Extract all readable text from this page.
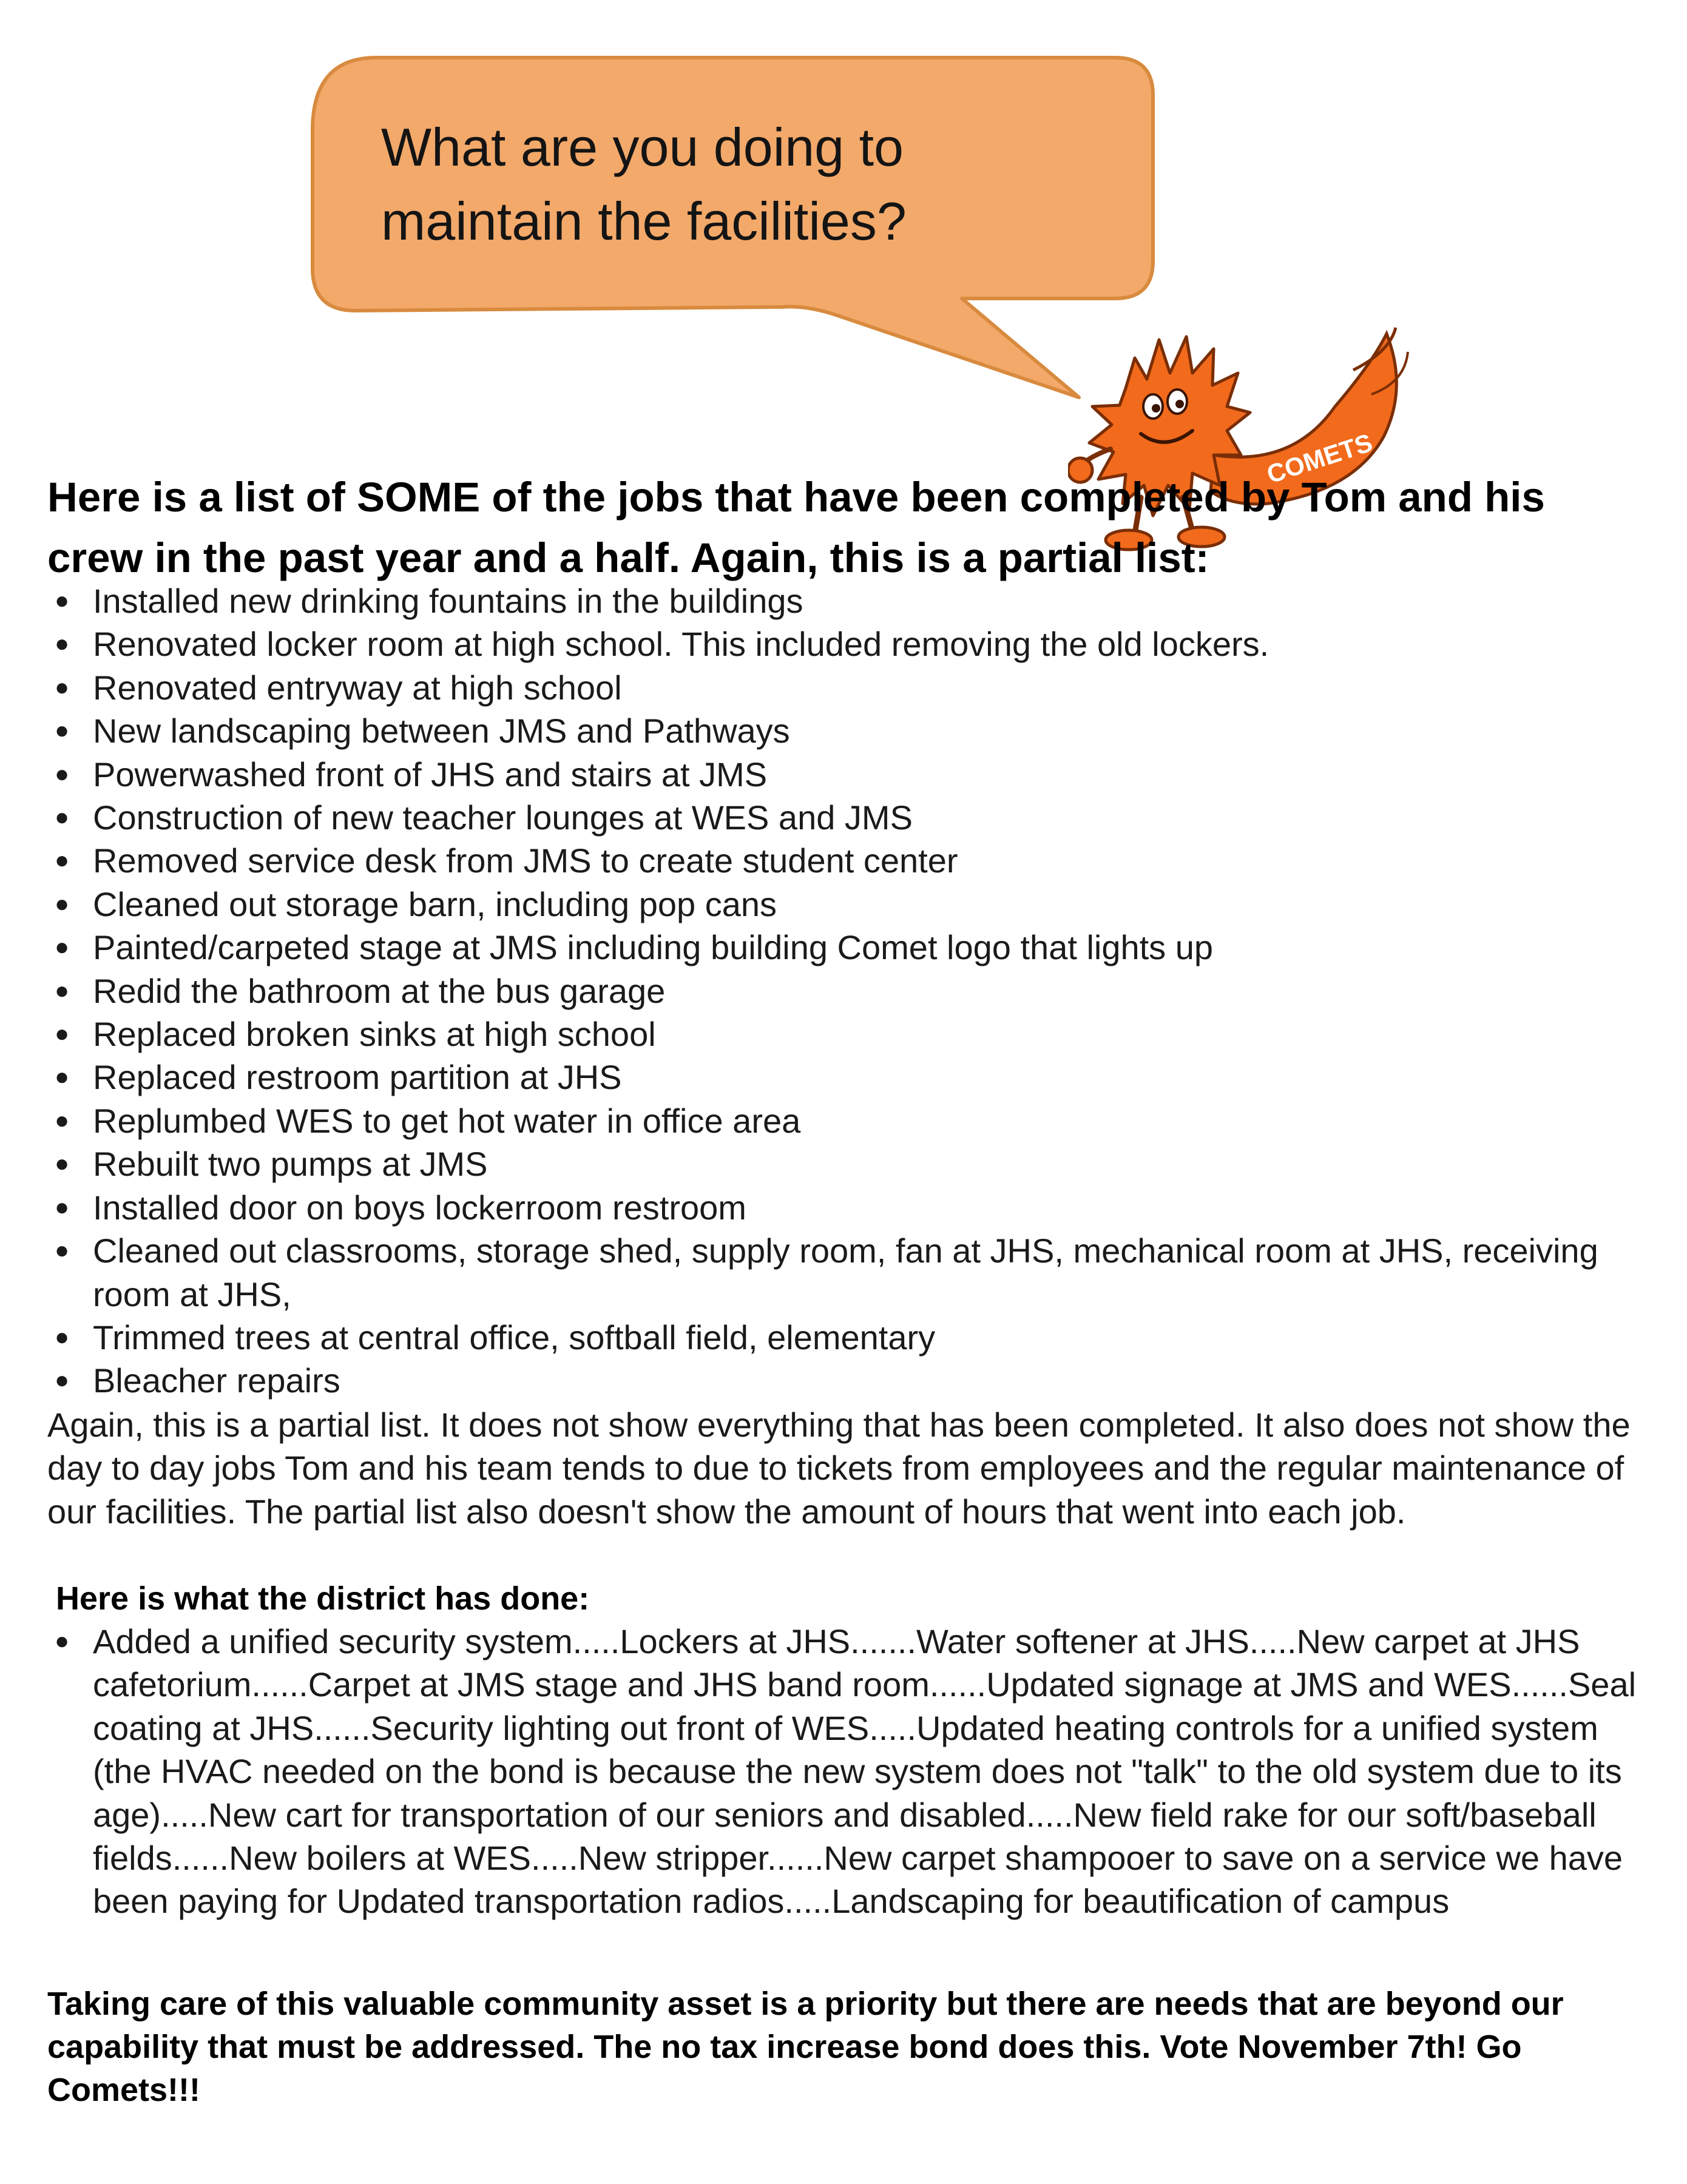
What are you doing to
maintain the facilities?
COMETS
Here is a list of SOME of the jobs that have been completed by Tom and his crew in the past year and a half. Again, this is a partial list:
● Installed new drinking fountains in the buildings
● Renovated locker room at high school. This included removing the old lockers.
● Renovated entryway at high school
● New landscaping between JMS and Pathways
● Powerwashed front of JHS and stairs at JMS
● Construction of new teacher lounges at WES and JMS
● Removed service desk from JMS to create student center
● Cleaned out storage barn, including pop cans
● Painted/carpeted stage at JMS including building Comet logo that lights up
● Redid the bathroom at the bus garage
● Replaced broken sinks at high school
● Replaced restroom partition at JHS
● Replumbed WES to get hot water in office area
● Rebuilt two pumps at JMS
● Installed door on boys lockerroom restroom
● Cleaned out classrooms, storage shed, supply room, fan at JHS, mechanical room at JHS, receiving room at JHS,
● Trimmed trees at central office, softball field, elementary
● Bleacher repairs

Again, this is a partial list. It does not show everything that has been completed. It also does not show the day to day jobs Tom and his team tends to due to tickets from employees and the regular maintenance of our facilities. The partial list also doesn't show the amount of hours that went into each job.

Here is what the district has done:
● Added a unified security system.....Lockers at JHS.......Water softener at JHS.....New carpet at JHS cafetorium......Carpet at JMS stage and JHS band room......Updated signage at JMS and WES......Seal coating at JHS......Security lighting out front of WES.....Updated heating controls for a unified system (the HVAC needed on the bond is because the new system does not "talk" to the old system due to its age).....New cart for transportation of our seniors and disabled.....New field rake for our soft/baseball fields......New boilers at WES.....New stripper......New carpet shampooer to save on a service we have been paying for Updated transportation radios.....Landscaping for beautification of campus

Taking care of this valuable community asset is a priority but there are needs that are beyond our capability that must be addressed. The no tax increase bond does this. Vote November 7th! Go Comets!!!
